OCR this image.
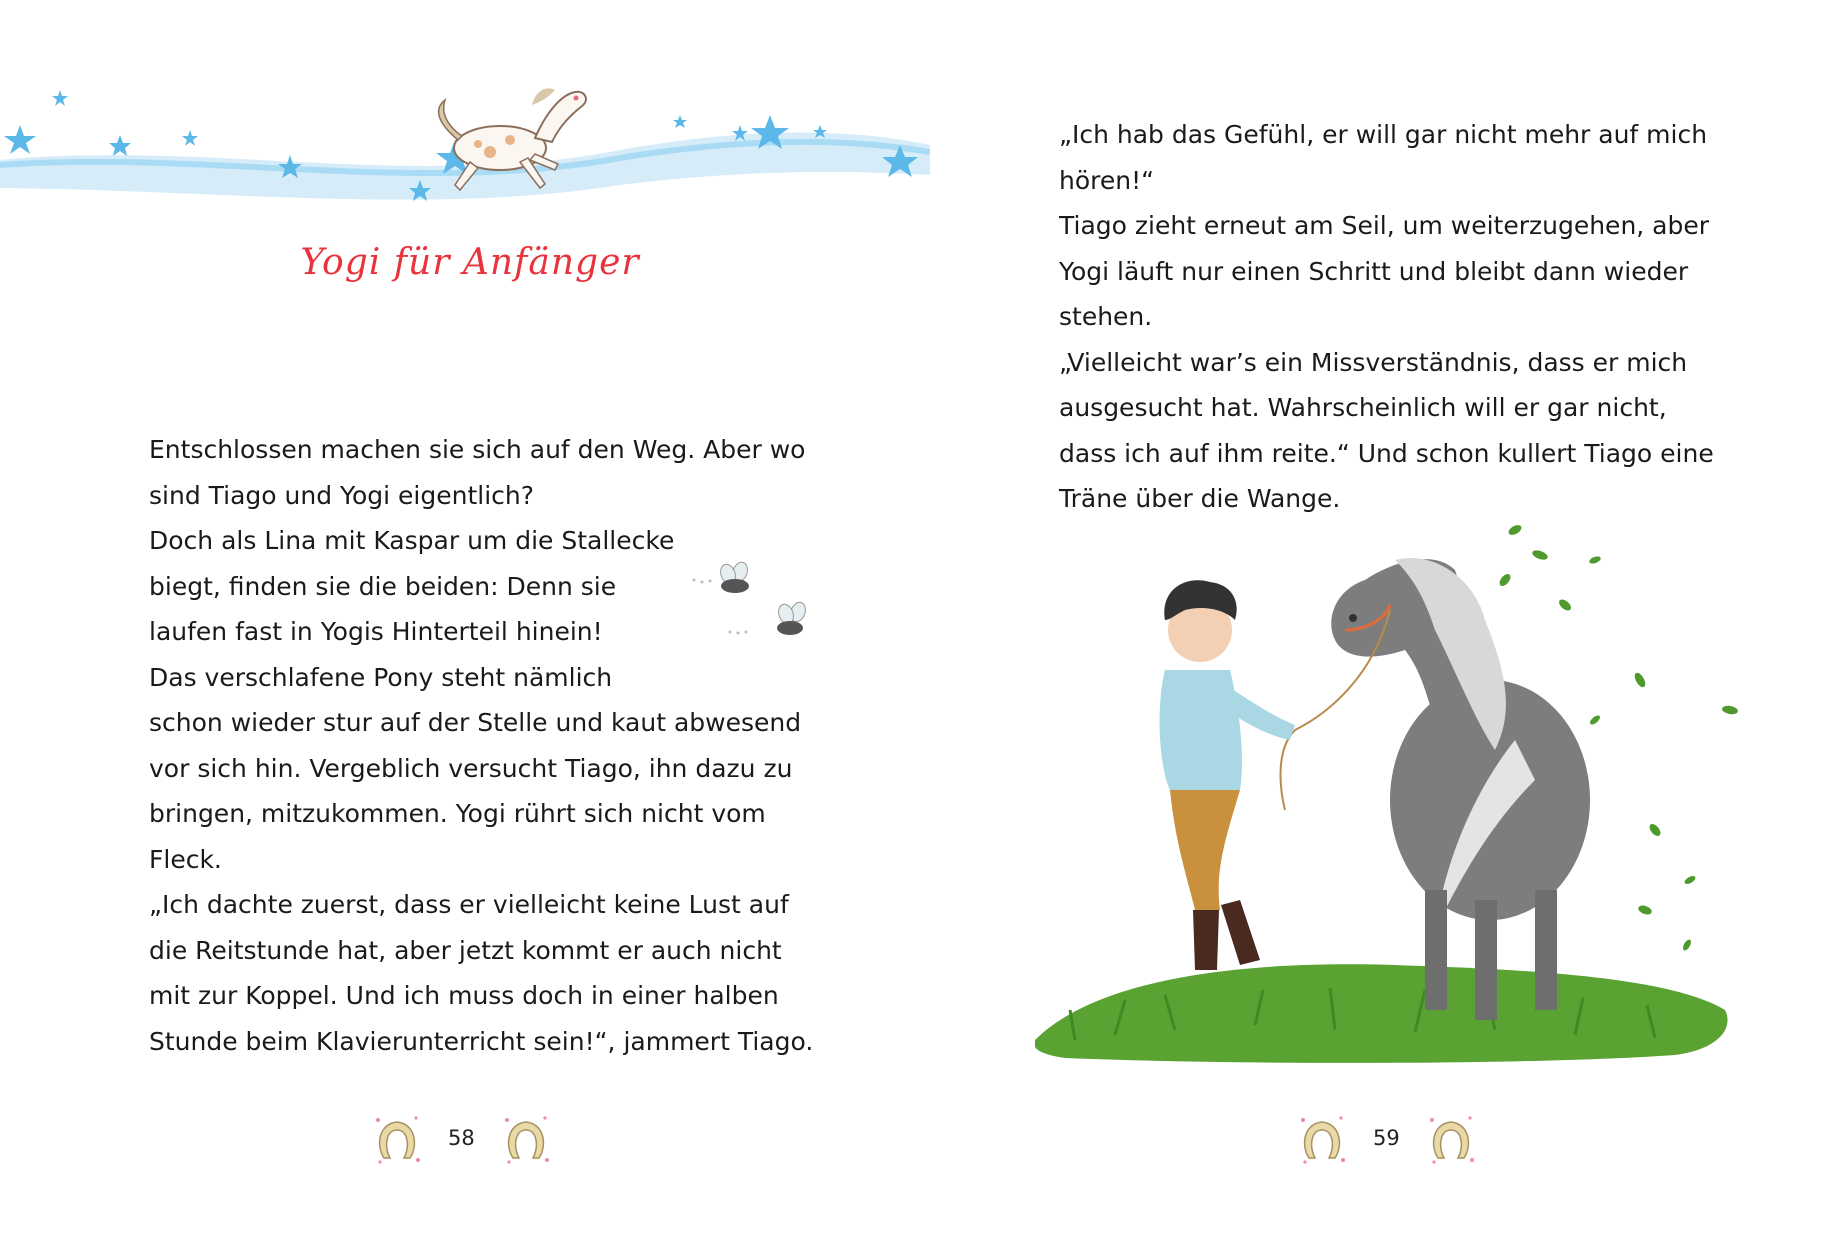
Yogi für Anfänger

Entschlossen machen sie sich auf den Weg. Aber wo

sind Tiago und Yogi eigentlich?

Doch als Lina mit Kaspar um die Stallecke

biegt, finden sie die beiden: Denn sie

laufen fast in Yogis Hinterteil hinein!

Das verschlafene Pony steht nämlich

schon wieder stur auf der Stelle und kaut abwesend

vor sich hin. Vergeblich versucht Tiago, ihn dazu zu

bringen, mitzukommen. Yogi rührt sich nicht vom

Fleck.

„Ich dachte zuerst, dass er vielleicht keine Lust auf

die Reitstunde hat, aber jetzt kommt er auch nicht

mit zur Koppel. Und ich muss doch in einer halben

Stunde beim Klavierunterricht sein!“, jammert Tiago.

58

„Ich hab das Gefühl, er will gar nicht mehr auf mich

hören!“

Tiago zieht erneut am Seil, um weiterzugehen, aber

Yogi läuft nur einen Schritt und bleibt dann wieder

stehen.

„Vielleicht war’s ein Missverständnis, dass er mich

ausgesucht hat. Wahrscheinlich will er gar nicht,

dass ich auf ihm reite.“ Und schon kullert Tiago eine

Träne über die Wange.

59
